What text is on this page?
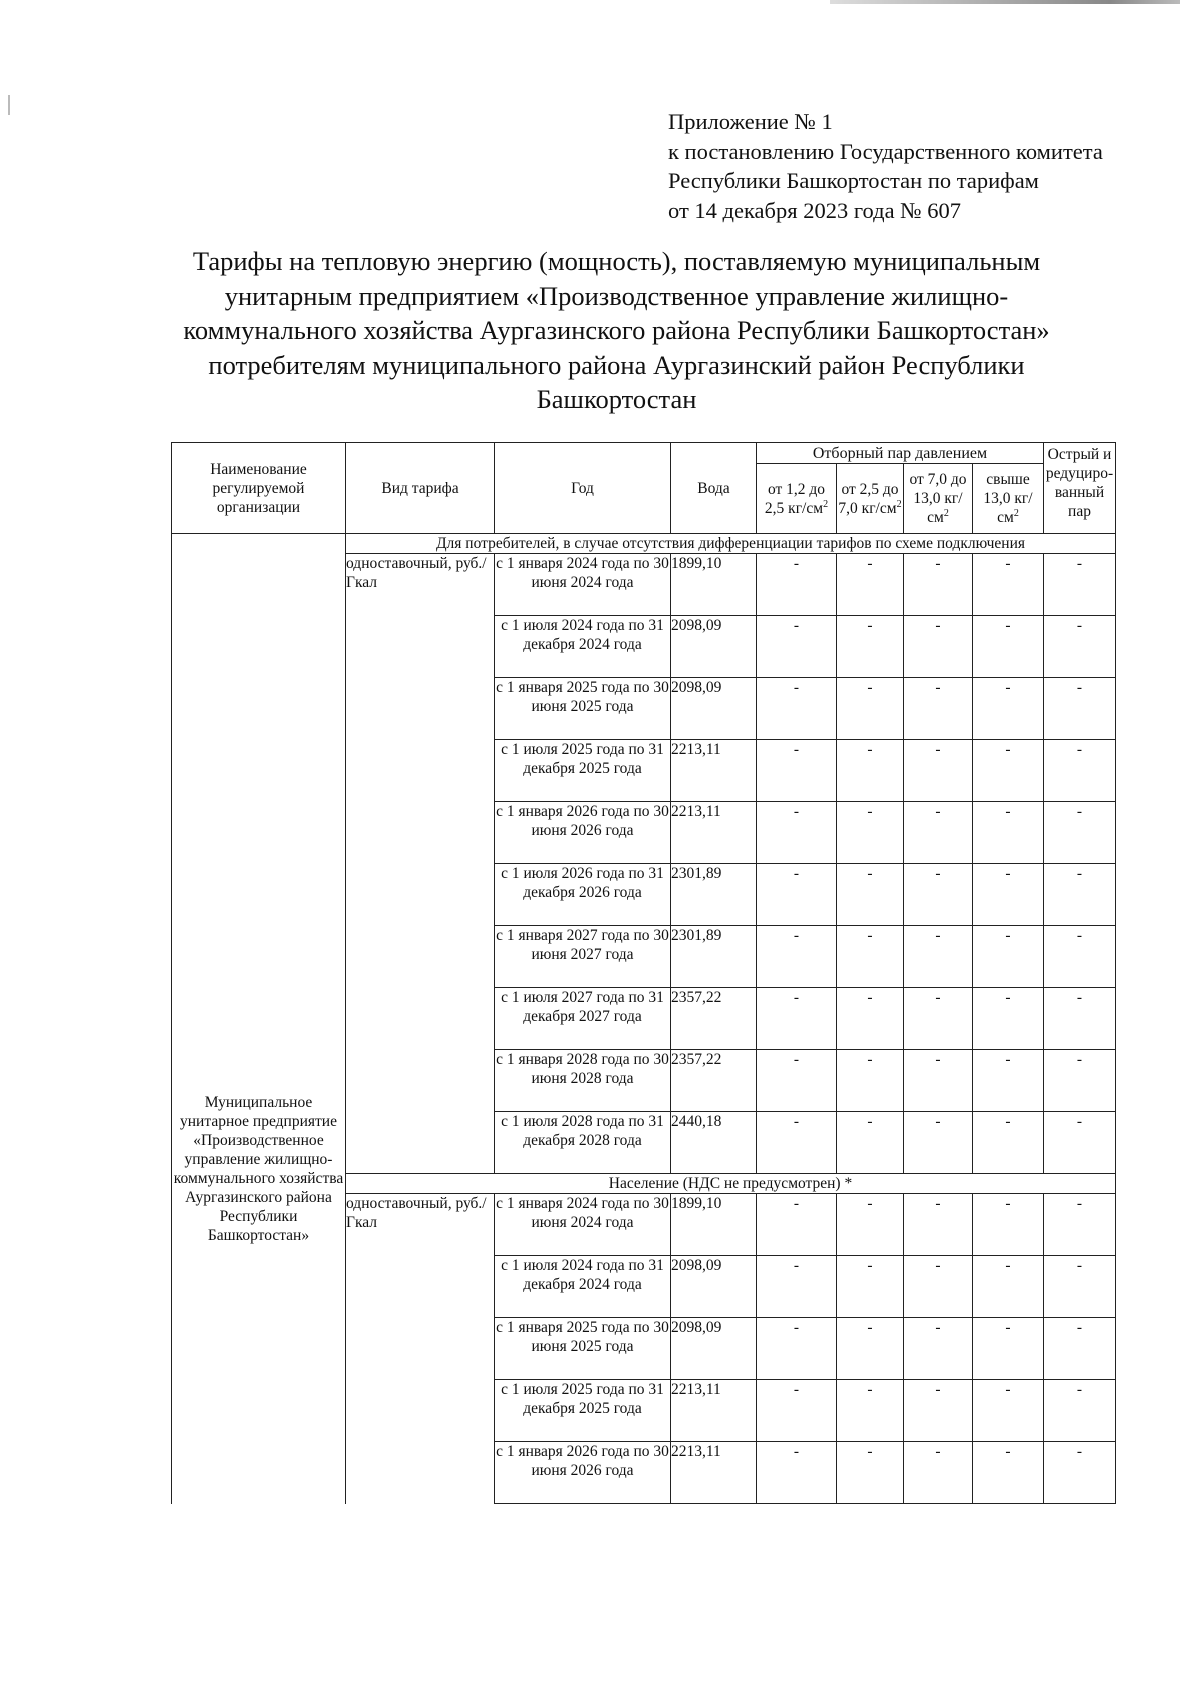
Приложение № 1
к постановлению Государственного комитета
Республики Башкортостан по тарифам
от 14 декабря 2023 года № 607
Тарифы на тепловую энергию (мощность), поставляемую муниципальным
унитарным предприятием «Производственное управление жилищно-
коммунального хозяйства Аургазинского района Республики Башкортостан»
потребителям муниципального района Аургазинский район Республики
Башкортостан
Наименование регулируемой организации	Вид тарифа	Год	Вода	Отборный пар давлением				Острый и редуциро-ванный пар
				от 1,2 до 2,5 $кг/см^2$	от 2,5 до 7,0 $кг/см^2$	от 7,0 до 13,0 $кг/см^2$	свыше 13,0 $кг/см^2$
Муниципальное унитарное предприятие «Производственное управление жилищно-коммунального хозяйства Аургазинского района Республики Башкортостан»	Для потребителей, в случае отсутствия дифференциации тарифов по схеме подключения							
	одноставочный, руб./Гкал	с 1 января 2024 года по 30 июня 2024 года	1899,10	-	-	-	-	-
		с 1 июля 2024 года по 31 декабря 2024 года	2098,09	-	-	-	-	-
		с 1 января 2025 года по 30 июня 2025 года	2098,09	-	-	-	-	-
		с 1 июля 2025 года по 31 декабря 2025 года	2213,11	-	-	-	-	-
		с 1 января 2026 года по 30 июня 2026 года	2213,11	-	-	-	-	-
		с 1 июля 2026 года по 31 декабря 2026 года	2301,89	-	-	-	-	-
		с 1 января 2027 года по 30 июня 2027 года	2301,89	-	-	-	-	-
		с 1 июля 2027 года по 31 декабря 2027 года	2357,22	-	-	-	-	-
		с 1 января 2028 года по 30 июня 2028 года	2357,22	-	-	-	-	-
		с 1 июля 2028 года по 31 декабря 2028 года	2440,18	-	-	-	-	-
	Население (НДС не предусмотрен) *							
	одноставочный, руб./Гкал	с 1 января 2024 года по 30 июня 2024 года	1899,10	-	-	-	-	-
		с 1 июля 2024 года по 31 декабря 2024 года	2098,09	-	-	-	-	-
		с 1 января 2025 года по 30 июня 2025 года	2098,09	-	-	-	-	-
		с 1 июля 2025 года по 31 декабря 2025 года	2213,11	-	-	-	-	-
		с 1 января 2026 года по 30 июня 2026 года	2213,11	-	-	-	-	-
